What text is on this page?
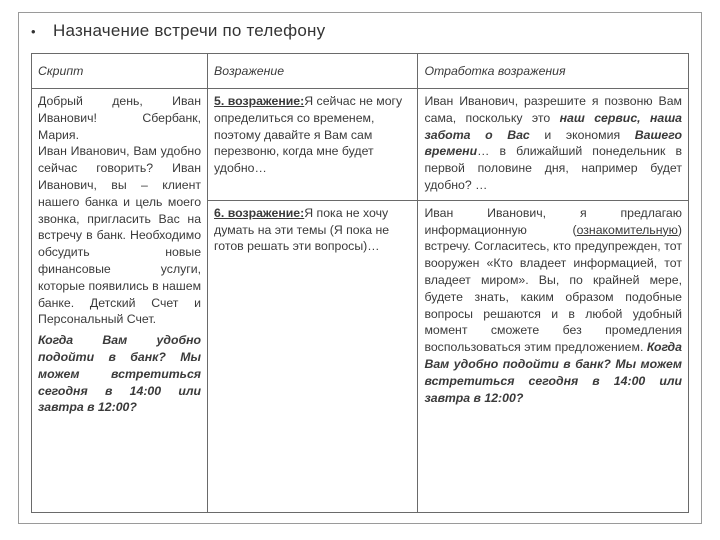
•	Назначение встречи по телефону
Скрипт	Возражение	Отработка возражения

Добрый день, Иван Иванович! Сбербанк, Мария.

Иван Иванович, Вам удобно сейчас говорить? Иван Иванович, вы – клиент нашего банка и цель моего звонка, пригласить Вас на встречу в банк. Необходимо обсудить новые финансовые услуги, которые появились в нашем банке. Детский Счет и Персональный Счет.

Когда Вам удобно подойти в банк? Мы можем встретиться сегодня в 14:00 или завтра в 12:00?	5. возражение:Я сейчас не могу определиться со временем, поэтому давайте я Вам сам перезвоню, когда мне будет удобно…	Иван Иванович, разрешите я позвоню Вам сама, поскольку это наш сервис, наша забота о Вас и экономия Вашего времени… в ближайший понедельник в первой половине дня, например будет удобно? …
	6. возражение:Я пока не хочу думать на эти темы (Я пока не готов решать эти вопросы)…	Иван Иванович, я предлагаю информационную (ознакомительную) встречу. Согласитесь, кто предупрежден, тот вооружен «Кто владеет информацией, тот владеет миром». Вы, по крайней мере, будете знать, каким образом подобные вопросы решаются и в любой удобный момент сможете без промедления воспользоваться этим предложением. Когда Вам удобно подойти в банк? Мы можем встретиться сегодня в 14:00 или завтра в 12:00?
